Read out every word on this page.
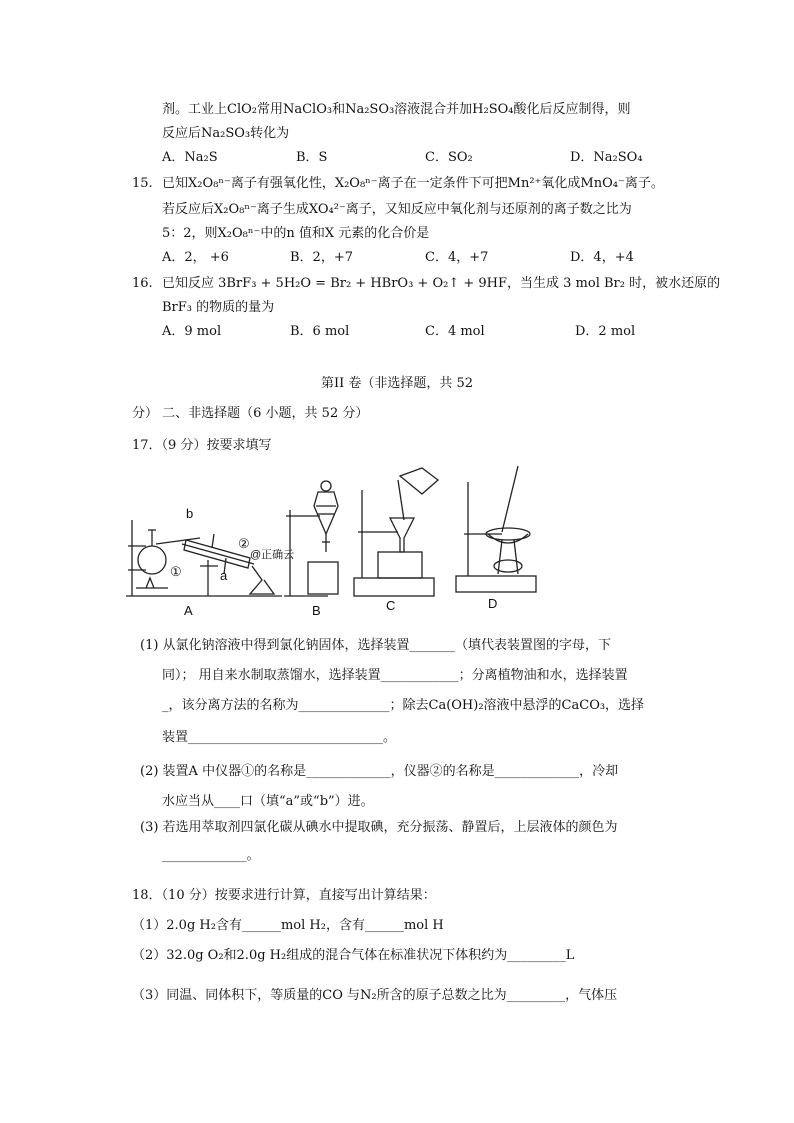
剂。工业上ClO₂常用NaClO₃和Na₂SO₃溶液混合并加H₂SO₄酸化后反应制得，则
反应后Na₂SO₃转化为
A．Na₂S	B．S	C．SO₂	D．Na₂SO₄
15. 已知X₂O₈ⁿ⁻离子有强氧化性，X₂O₈ⁿ⁻离子在一定条件下可把Mn²⁺氧化成MnO₄⁻离子。
若反应后X₂O₈ⁿ⁻离子生成XO₄²⁻离子，又知反应中氧化剂与还原剂的离子数之比为
5：2，则X₂O₈ⁿ⁻中的n 值和X 元素的化合价是
A．2， +6	B．2，+7	C．4，+7	D．4，+4
16. 已知反应 3BrF₃ + 5H₂O = Br₂ + HBrO₃ + O₂↑ + 9HF，当生成 3 mol Br₂ 时，被水还原的
BrF₃ 的物质的量为
A．9 mol	B．6 mol	C．4 mol	D．2 mol
第II 卷（非选择题，共 52
分） 二、非选择题（6 小题，共 52 分）
17．（9 分）按要求填写
A	B	C	D
a
b
①
②
@正确云
(1) 从氯化钠溶液中得到氯化钠固体，选择装置_______（填代表装置图的字母，下
同）； 用自来水制取蒸馏水，选择装置____________；分离植物油和水，选择装置
_，该分离方法的名称为______________；除去Ca(OH)₂溶液中悬浮的CaCO₃，选择
装置______________________________。
(2) 装置A 中仪器①的名称是_____________，仪器②的名称是_____________，冷却
水应当从____口（填“a”或“b”）进。
(3) 若选用萃取剂四氯化碳从碘水中提取碘，充分振荡、静置后，上层液体的颜色为
_____________。
18．（10 分）按要求进行计算，直接写出计算结果：
（1）2.0g H₂含有______mol H₂，含有______mol H
（2）32.0g O₂和2.0g H₂组成的混合气体在标准状况下体积约为_________L
（3）同温、同体积下，等质量的CO 与N₂所含的原子总数之比为_________，气体压
